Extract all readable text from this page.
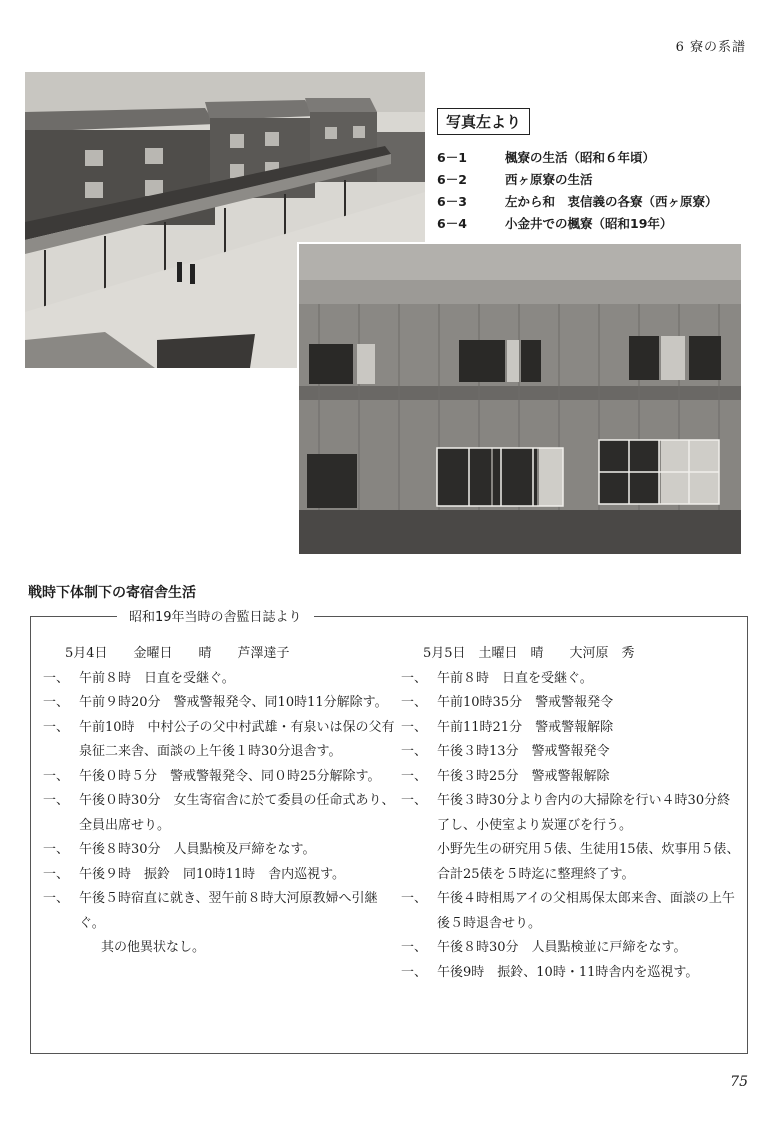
6 寮の系譜
写真左より
6－1	楓寮の生活（昭和６年頃）
6－2	西ヶ原寮の生活
6－3	左から和　衷信義の各寮（西ヶ原寮）
6－4	小金井での楓寮（昭和19年）
戦時下体制下の寄宿舎生活
昭和19年当時の舎監日誌より
5月4日　　金曜日　　晴　　芦澤達子
一、 午前８時　日直を受継ぐ。
一、 午前９時20分　警戒警報発令、同10時11分解除す。
一、 午前10時　中村公子の父中村武雄・有泉いは保の父有泉征二来舎、面談の上午後１時30分退舎す。
一、 午後０時５分　警戒警報発令、同０時25分解除す。
一、 午後０時30分　女生寄宿舎に於て委員の任命式あり、全員出席せり。
一、 午後８時30分　人員點検及戸締をなす。
一、 午後９時　振鈴　同10時11時　舎内巡視す。
一、 午後５時宿直に就き、翌午前８時大河原教婦へ引継ぐ。
其の他異状なし。
5月5日　土曜日　晴　　大河原　秀
一、 午前８時　日直を受継ぐ。
一、 午前10時35分　警戒警報発令
一、 午前11時21分　警戒警報解除
一、 午後３時13分　警戒警報発令
一、 午後３時25分　警戒警報解除
一、 午後３時30分より舎内の大掃除を行い４時30分終了し、小使室より炭運びを行う。
小野先生の研究用５俵、生徒用15俵、炊事用５俵、合計25俵を５時迄に整理終了す。
一、 午後４時相馬アイの父相馬保太郎来舎、面談の上午後５時退舎せり。
一、 午後８時30分　人員點検並に戸締をなす。
一、 午後9時　振鈴、10時・11時舎内を巡視す。
75
